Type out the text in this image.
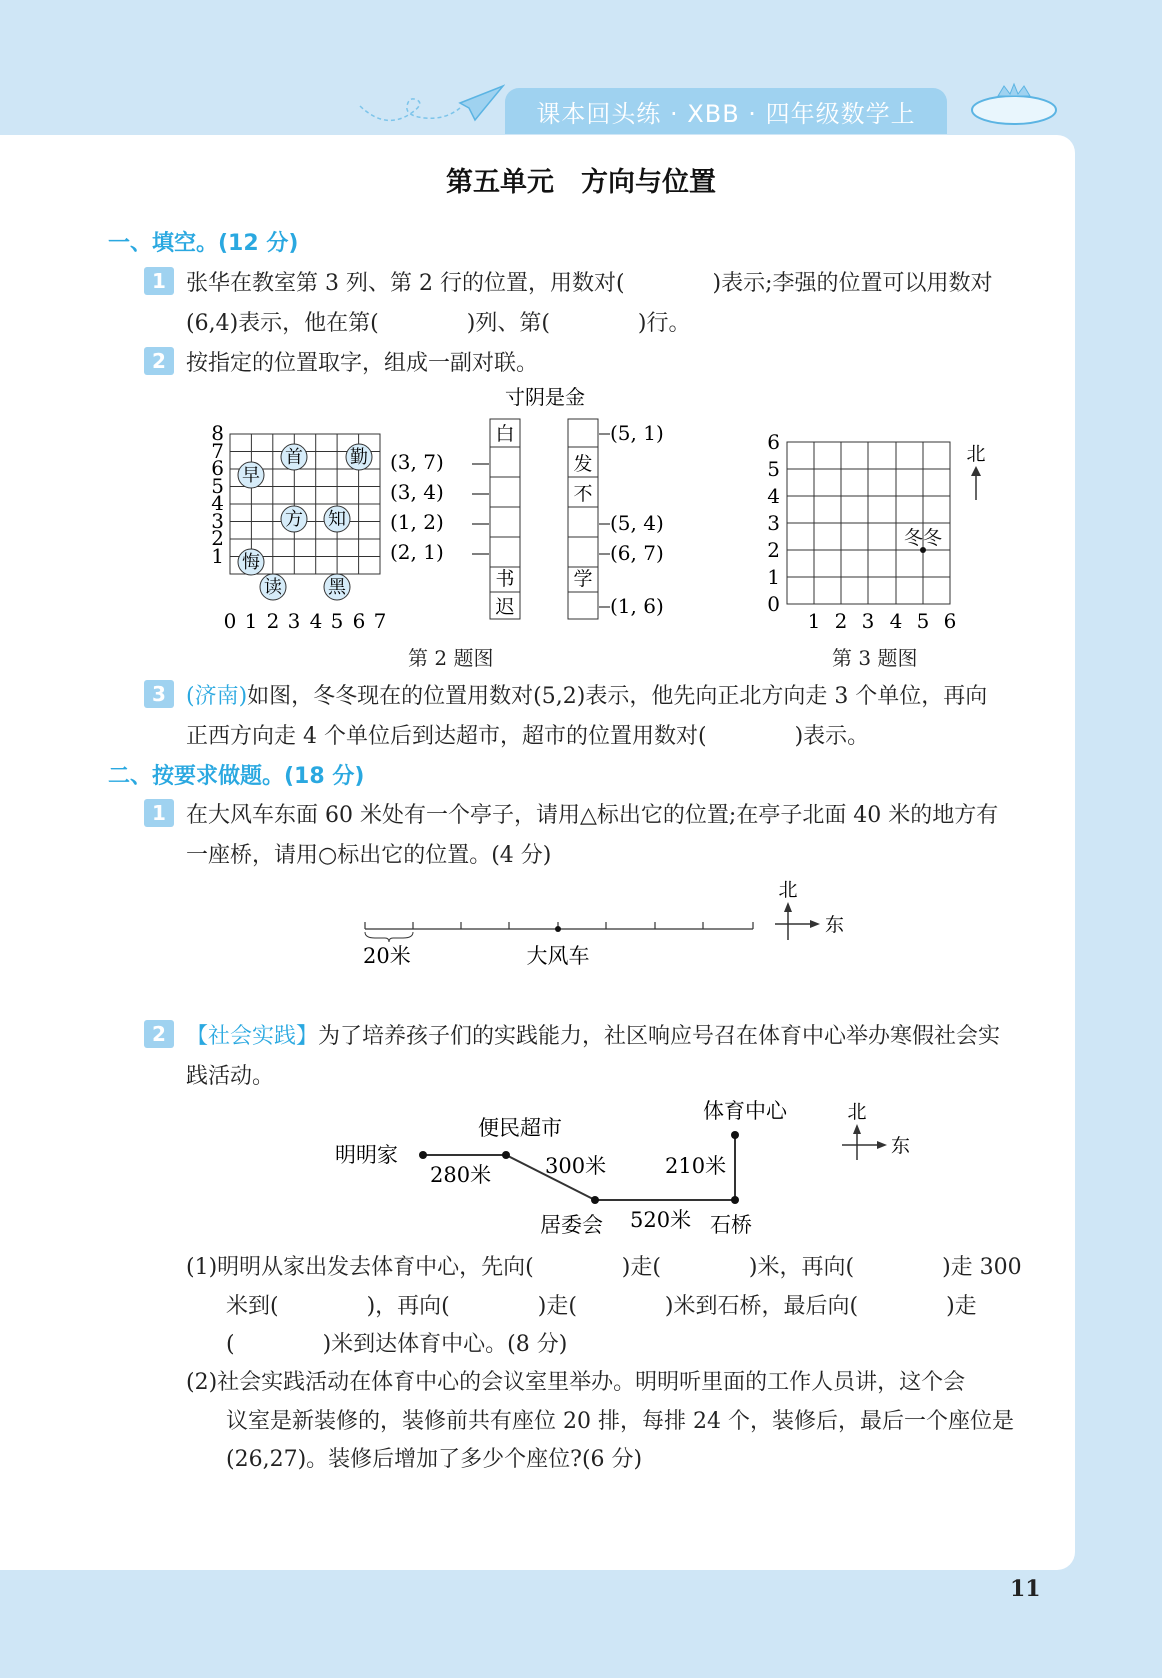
课本回头练 · XBB · 四年级数学上
第五单元　方向与位置
一、填空。(12 分)
1 张华在教室第 3 列、第 2 行的位置，用数对(　　　　)表示;李强的位置可以用数对
(6,4)表示，他在第(　　　　)列、第(　　　　)行。
2 按指定的位置取字，组成一副对联。
8
7
6
5
4
3
2
1
0 1 2 3 4 5 6 7
早
首	勤
方 知
悔
读	黑
寸阴是金
白
书
迟
发
不
学
(3, 7)
(3, 4)
(1, 2)
(2, 1)
(5, 1)
(5, 4)
(6, 7)
(1, 6)
第 2 题图
6
5
4
3
2
1
0
1 2 3 4 5 6
冬冬
北
第 3 题图
3 (济南)如图，冬冬现在的位置用数对(5,2)表示，他先向正北方向走 3 个单位，再向
正西方向走 4 个单位后到达超市，超市的位置用数对(　　　　)表示。
二、按要求做题。(18 分)
1 在大风车东面 60 米处有一个亭子，请用△标出它的位置;在亭子北面 40 米的地方有
一座桥，请用○标出它的位置。(4 分)
20米	大风车
北
东
2 【社会实践】为了培养孩子们的实践能力，社区响应号召在体育中心举办寒假社会实
践活动。
明明家
便民超市
体育中心
居委会	石桥
280米	300米	210米
520米
北
东
(1)明明从家出发去体育中心，先向(　　　　)走(　　　　)米，再向(　　　　)走 300
米到(　　　　)，再向(　　　　)走(　　　　)米到石桥，最后向(　　　　)走
(　　　　)米到达体育中心。(8 分)
(2)社会实践活动在体育中心的会议室里举办。明明听里面的工作人员讲，这个会
议室是新装修的，装修前共有座位 20 排，每排 24 个，装修后，最后一个座位是
(26,27)。装修后增加了多少个座位?(6 分)
11
